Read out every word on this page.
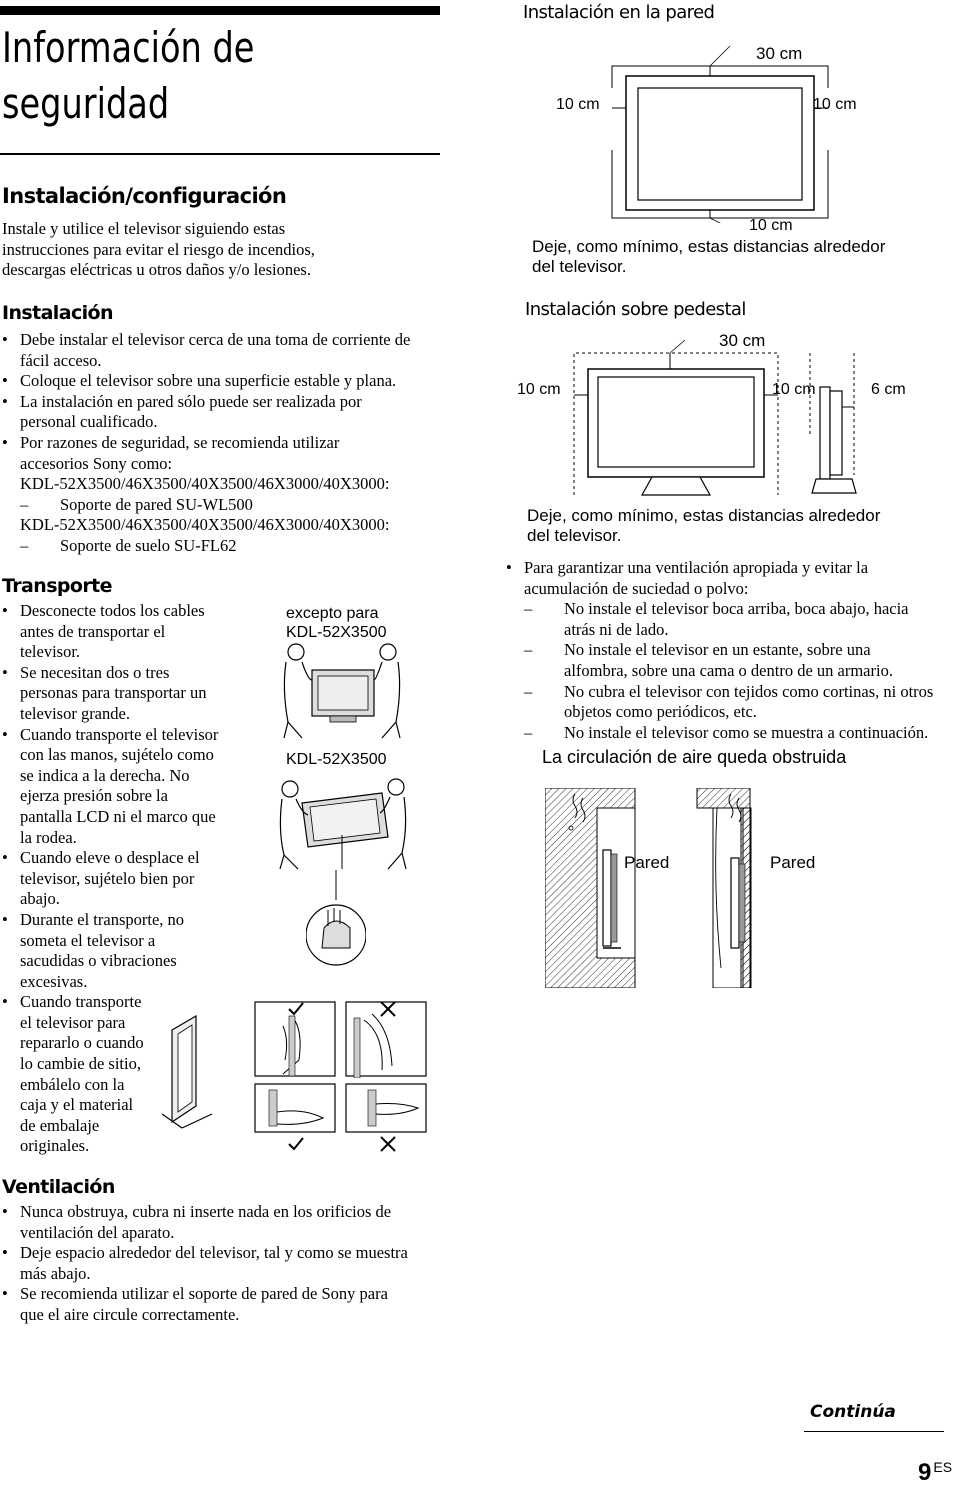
Información de
seguridad
Instalación/configuración
Instale y utilice el televisor siguiendo estas
instrucciones para evitar el riesgo de incendios,
descargas eléctricas u otros daños y/o lesiones.
Instalación
• Debe instalar el televisor cerca de una toma de corriente de
fácil acceso.
• Coloque el televisor sobre una superficie estable y plana.
• La instalación en pared sólo puede ser realizada por
personal cualificado.
• Por razones de seguridad, se recomienda utilizar
accesorios Sony como:
KDL-52X3500/46X3500/40X3500/46X3000/40X3000:
– Soporte de pared SU-WL500
KDL-52X3500/46X3500/40X3500/46X3000/40X3000:
– Soporte de suelo SU-FL62
Transporte
• Desconecte todos los cables
antes de transportar el
televisor.
• Se necesitan dos o tres
personas para transportar un
televisor grande.
• Cuando transporte el televisor
con las manos, sujételo como
se indica a la derecha. No
ejerza presión sobre la
pantalla LCD ni el marco que
la rodea.
• Cuando eleve o desplace el
televisor, sujételo bien por
abajo.
• Durante el transporte, no
someta el televisor a
sacudidas o vibraciones
excesivas.
• Cuando transporte
el televisor para
repararlo o cuando
lo cambie de sitio,
embálelo con la
caja y el material
de embalaje
originales.
excepto para
KDL-52X3500
KDL-52X3500
Ventilación
• Nunca obstruya, cubra ni inserte nada en los orificios de
ventilación del aparato.
• Deje espacio alrededor del televisor, tal y como se muestra
más abajo.
• Se recomienda utilizar el soporte de pared de Sony para
que el aire circule correctamente.
Instalación en la pared
30 cm
10 cm	10 cm
10 cm
Deje, como mínimo, estas distancias alrededor
del televisor.
Instalación sobre pedestal
30 cm
10 cm	10 cm	6 cm
Deje, como mínimo, estas distancias alrededor
del televisor.
• Para garantizar una ventilación apropiada y evitar la
acumulación de suciedad o polvo:
– No instale el televisor boca arriba, boca abajo, hacia
atrás ni de lado.
– No instale el televisor en un estante, sobre una
alfombra, sobre una cama o dentro de un armario.
– No cubra el televisor con tejidos como cortinas, ni otros
objetos como periódicos, etc.
– No instale el televisor como se muestra a continuación.
La circulación de aire queda obstruida
Pared	Pared
Continúa
9 $^{ES}$
